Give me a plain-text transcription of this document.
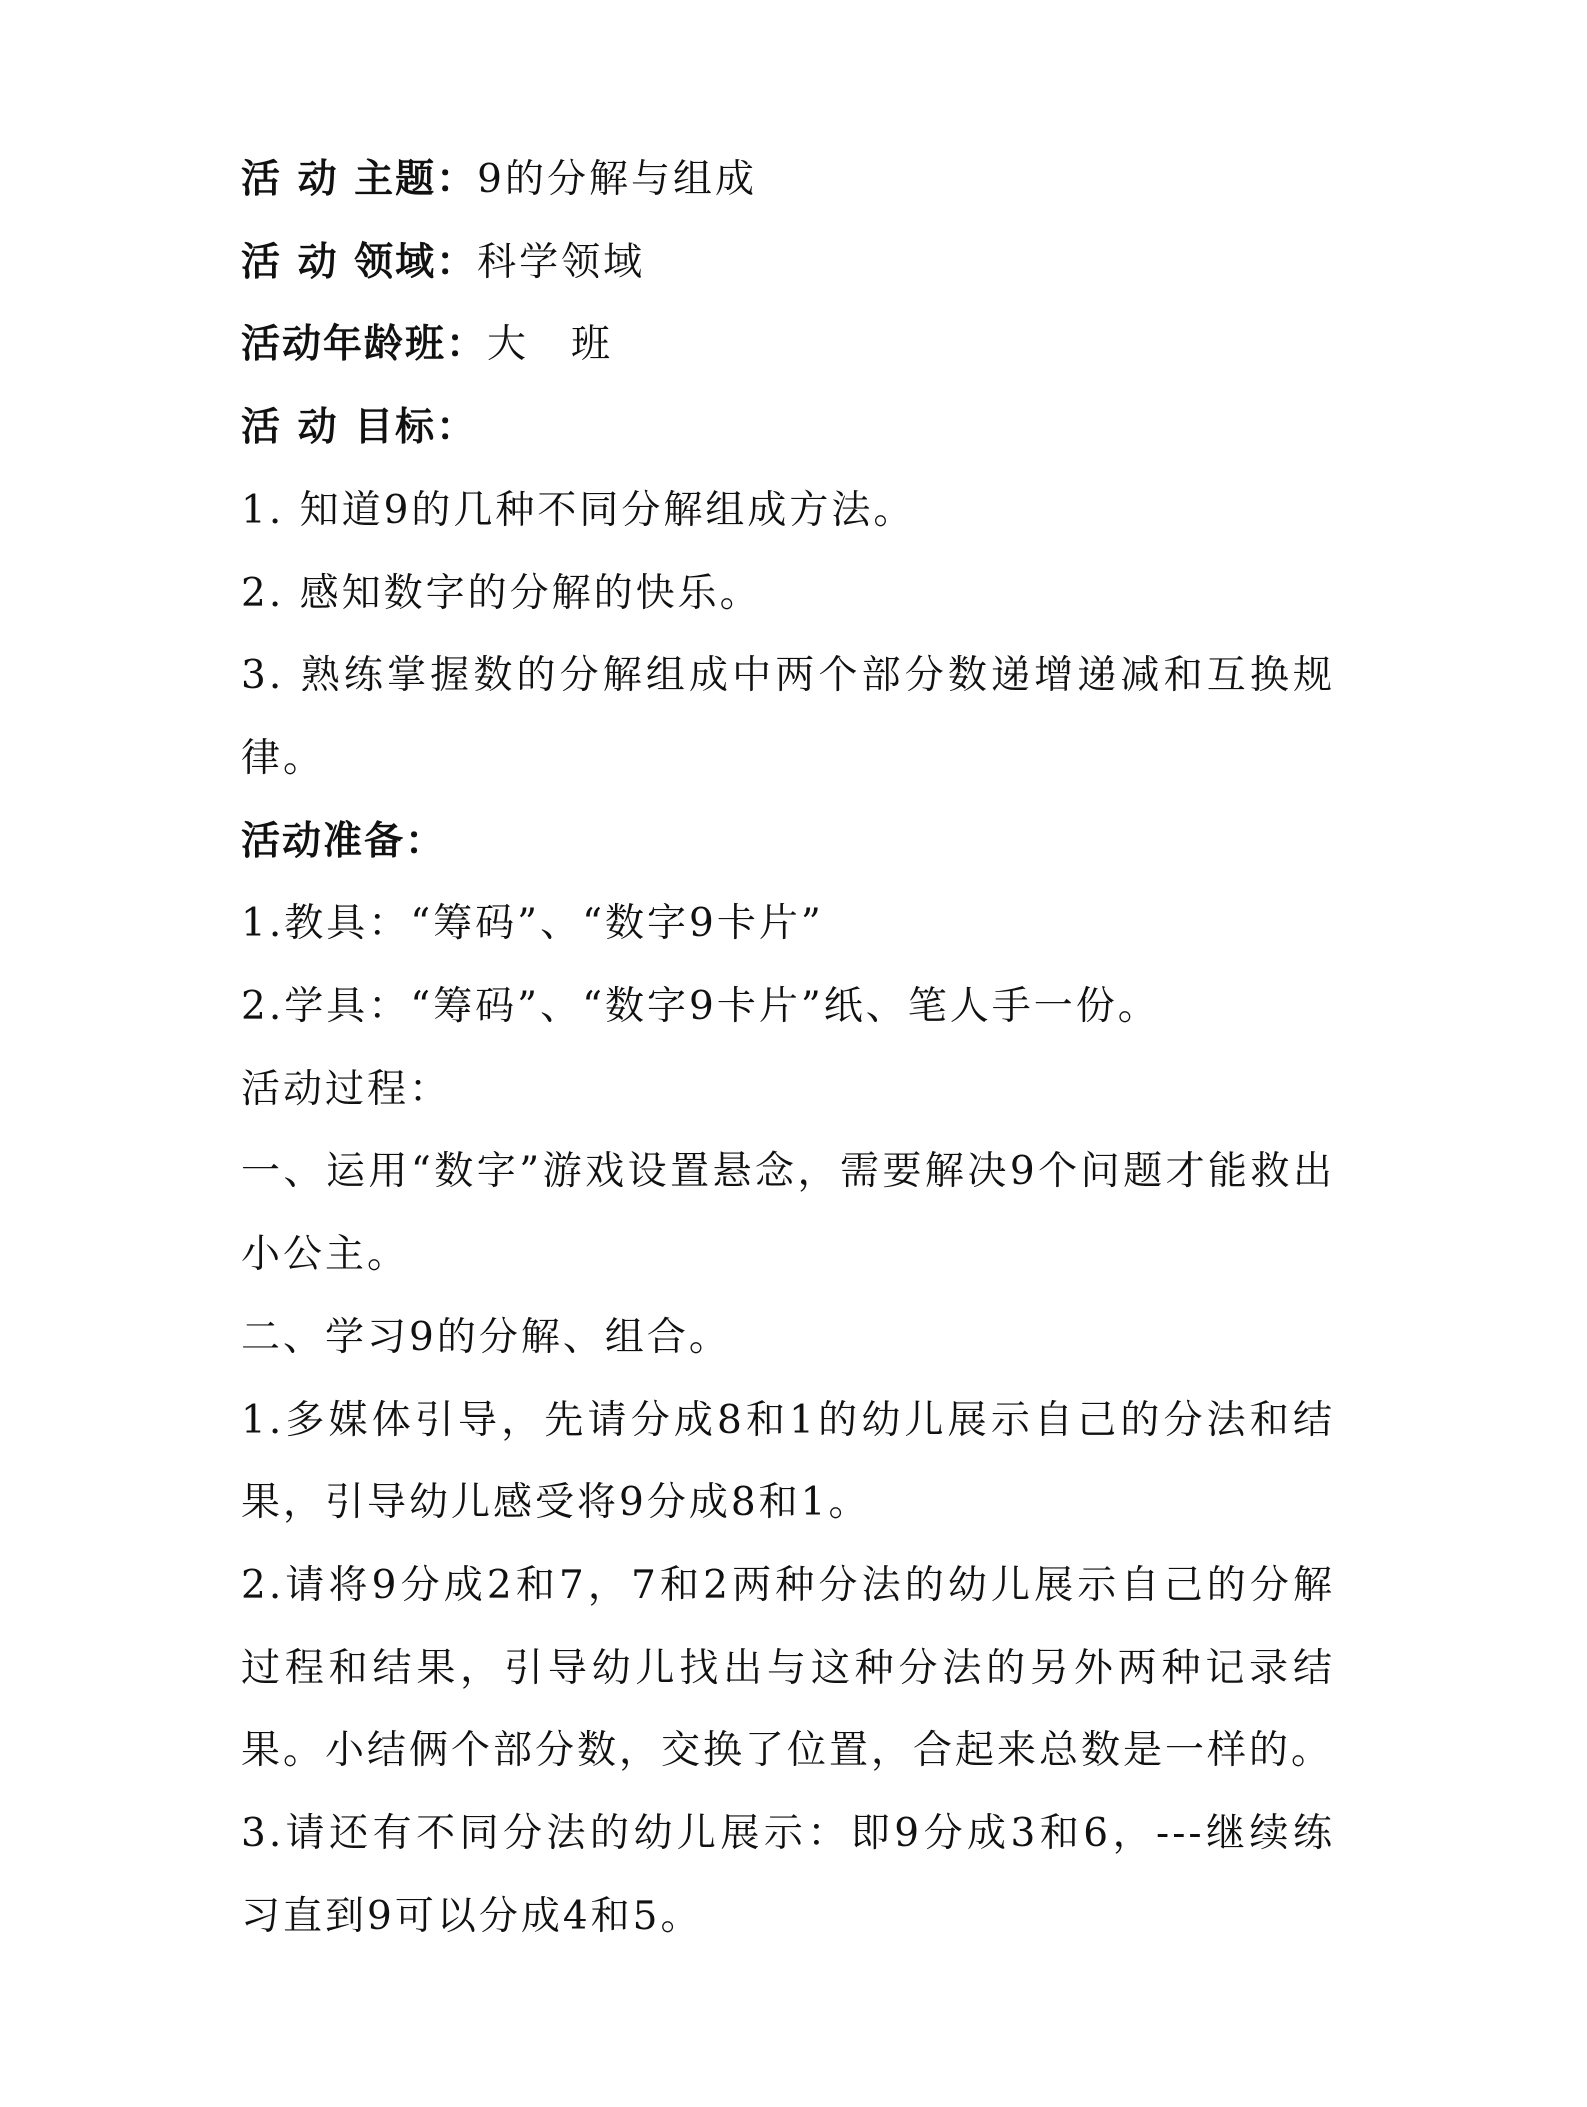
活 动 主题：9的分解与组成

活 动 领域：科学领域

活动年龄班：大　班

活 动 目标：

1. 知道9的几种不同分解组成方法。

2. 感知数字的分解的快乐。

3. 熟练掌握数的分解组成中两个部分数递增递减和互换规律。

活动准备：

1.教具：“筹码”、“数字9卡片”

2.学具：“筹码”、“数字9卡片”纸、笔人手一份。

活动过程：

一、运用“数字”游戏设置悬念，需要解决9个问题才能救出小公主。

二、学习9的分解、组合。

1.多媒体引导，先请分成8和1的幼儿展示自己的分法和结果，引导幼儿感受将9分成8和1。

2.请将9分成2和7，7和2两种分法的幼儿展示自己的分解过程和结果，引导幼儿找出与这种分法的另外两种记录结果。小结俩个部分数，交换了位置，合起来总数是一样的。

3.请还有不同分法的幼儿展示：即9分成3和6，---继续练习直到9可以分成4和5。
